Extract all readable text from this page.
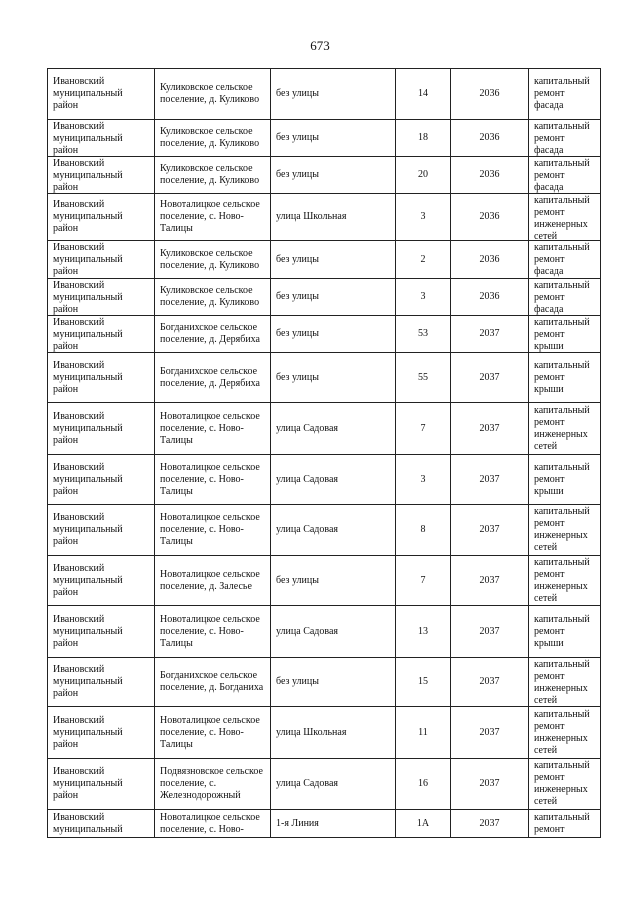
673
Ивановский муниципальный район	Куликовское сельское поселение, д. Куликово	без улицы	14	2036	капитальный ремонт фасада

Ивановский муниципальный район	Куликовское сельское поселение, д. Куликово	без улицы	18	2036	капитальный ремонт фасада

Ивановский муниципальный район	Куликовское сельское поселение, д. Куликово	без улицы	20	2036	капитальный ремонт фасада

Ивановский муниципальный район	Новоталицкое сельское поселение, с. Ново-Талицы	улица Школьная	3	2036	капитальный ремонт инженерных сетей

Ивановский муниципальный район	Куликовское сельское поселение, д. Куликово	без улицы	2	2036	капитальный ремонт фасада

Ивановский муниципальный район	Куликовское сельское поселение, д. Куликово	без улицы	3	2036	капитальный ремонт фасада

Ивановский муниципальный район	Богданихское сельское поселение, д. Дерябиха	без улицы	53	2037	капитальный ремонт крыши

Ивановский муниципальный район	Богданихское сельское поселение, д. Дерябиха	без улицы	55	2037	капитальный ремонт крыши

Ивановский муниципальный район	Новоталицкое сельское поселение, с. Ново-Талицы	улица Садовая	7	2037	капитальный ремонт инженерных сетей

Ивановский муниципальный район	Новоталицкое сельское поселение, с. Ново-Талицы	улица Садовая	3	2037	капитальный ремонт крыши

Ивановский муниципальный район	Новоталицкое сельское поселение, с. Ново-Талицы	улица Садовая	8	2037	капитальный ремонт инженерных сетей

Ивановский муниципальный район	Новоталицкое сельское поселение, д. Залесье	без улицы	7	2037	капитальный ремонт инженерных сетей

Ивановский муниципальный район	Новоталицкое сельское поселение, с. Ново-Талицы	улица Садовая	13	2037	капитальный ремонт крыши

Ивановский муниципальный район	Богданихское сельское поселение, д. Богданиха	без улицы	15	2037	капитальный ремонт инженерных сетей

Ивановский муниципальный район	Новоталицкое сельское поселение, с. Ново-Талицы	улица Школьная	11	2037	капитальный ремонт инженерных сетей

Ивановский муниципальный район	Подвязновское сельское поселение, с. Железнодорожный	улица Садовая	16	2037	капитальный ремонт инженерных сетей

Ивановский муниципальный	Новоталицкое сельское поселение, с. Ново-	1-я Линия	1А	2037	капитальный ремонт
